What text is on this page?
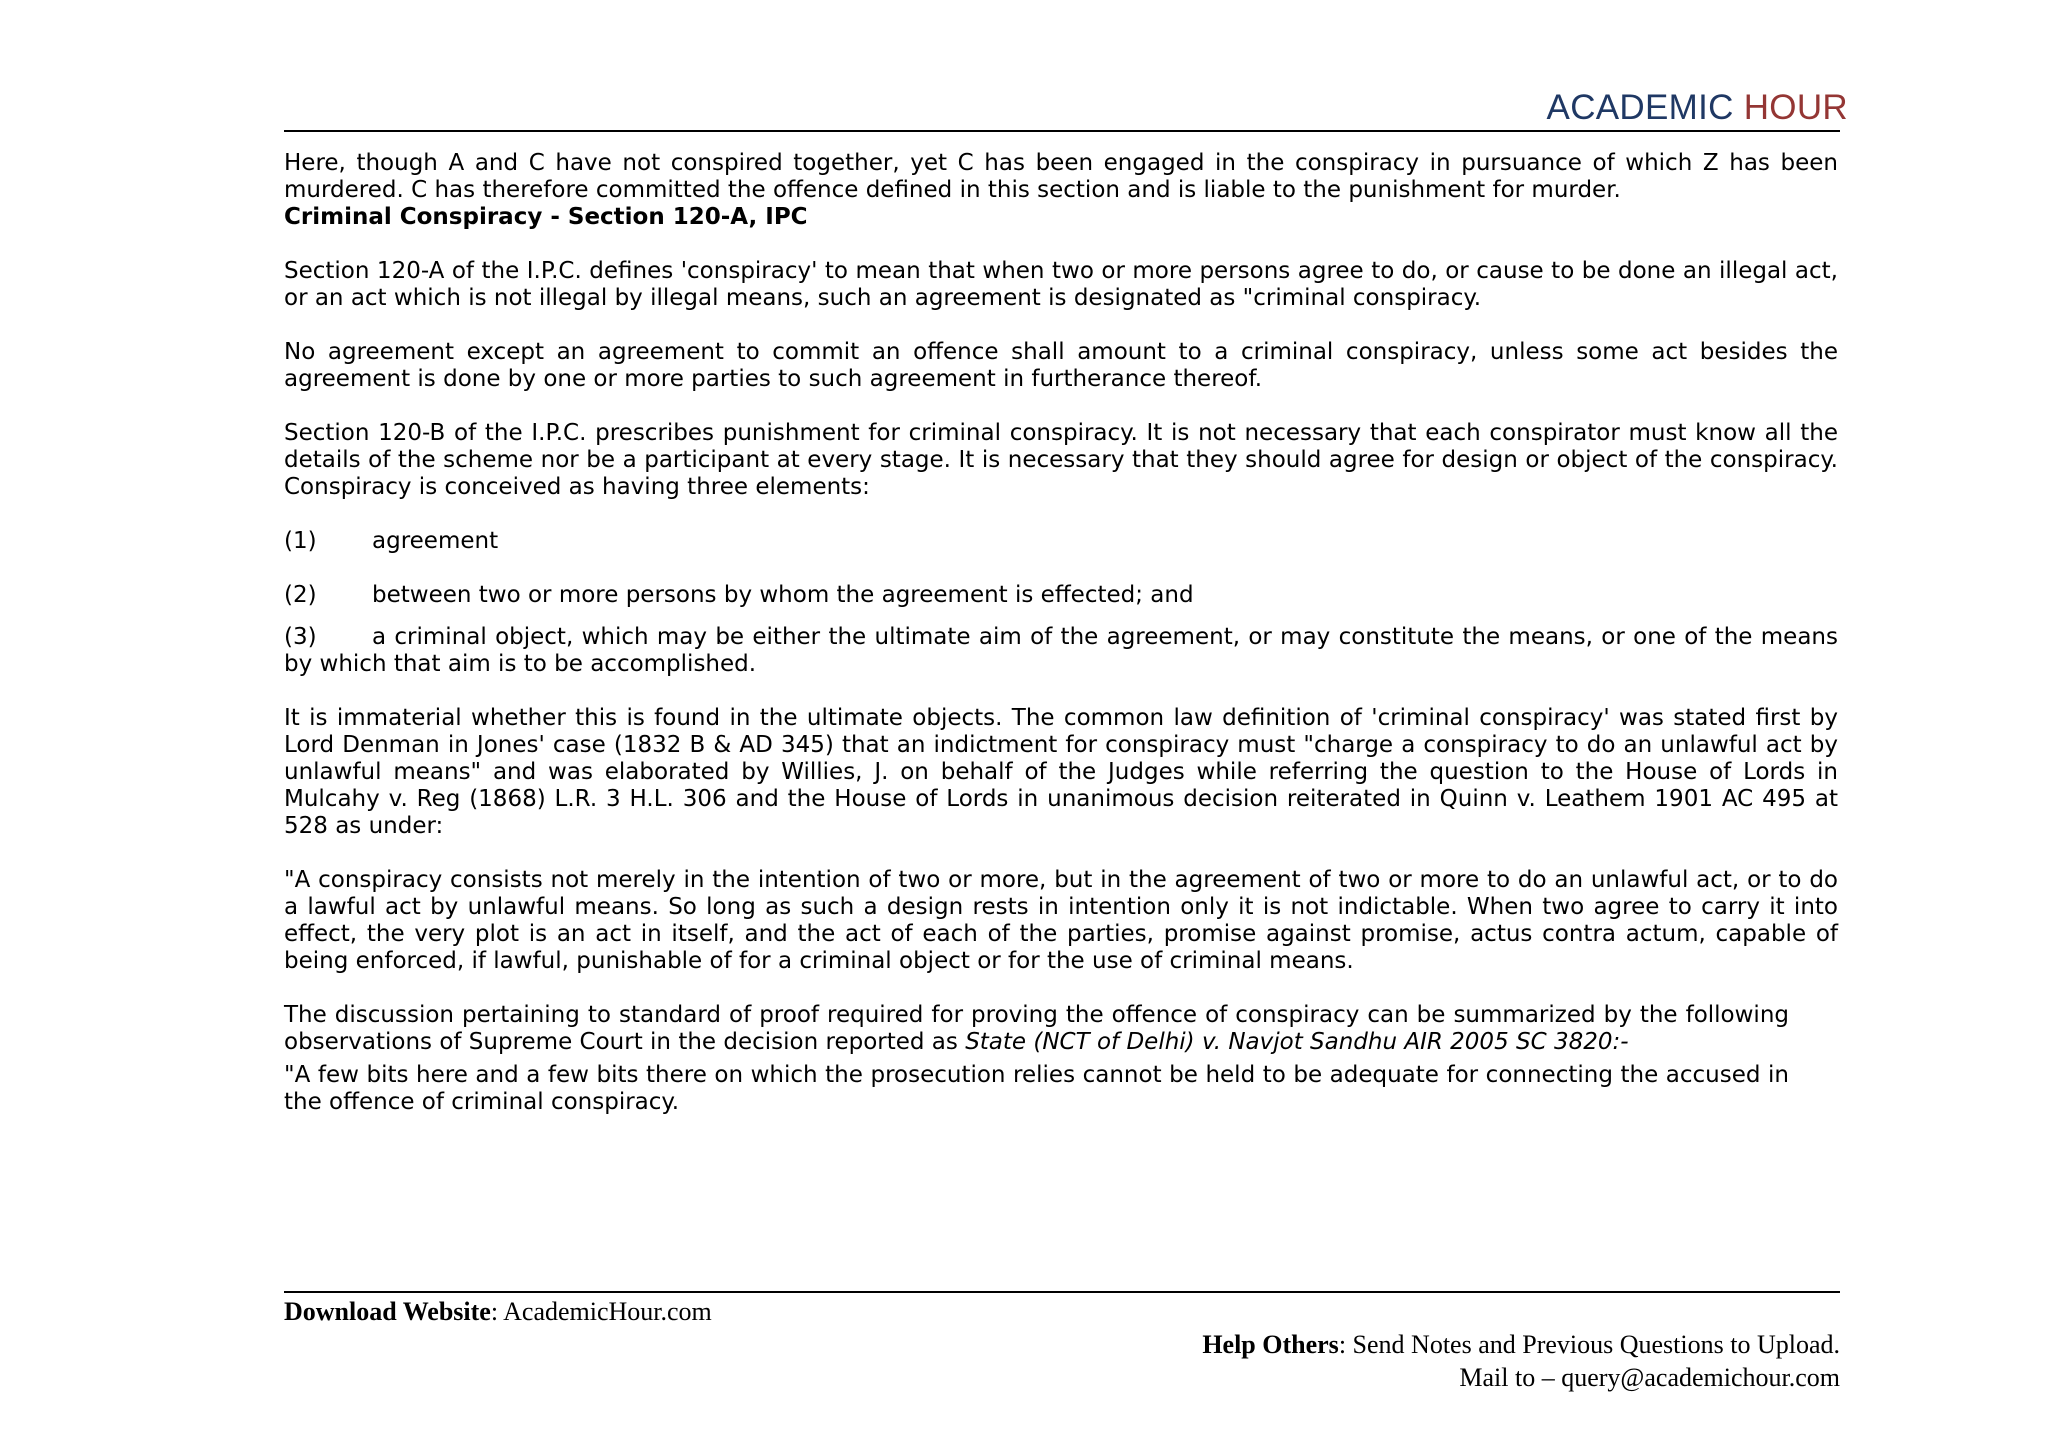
ACADEMIC HOUR

Here, though A and C have not conspired together, yet C has been engaged in the conspiracy in pursuance of which Z has been murdered. C has therefore committed the offence defined in this section and is liable to the punishment for murder.

Criminal Conspiracy - Section 120-A, IPC

Section 120-A of the I.P.C. defines 'conspiracy' to mean that when two or more persons agree to do, or cause to be done an illegal act, or an act which is not illegal by illegal means, such an agreement is designated as "criminal conspiracy.

No agreement except an agreement to commit an offence shall amount to a criminal conspiracy, unless some act besides the agreement is done by one or more parties to such agreement in furtherance thereof.

Section 120-B of the I.P.C. prescribes punishment for criminal conspiracy. It is not necessary that each conspirator must know all the details of the scheme nor be a participant at every stage. It is necessary that they should agree for design or object of the conspiracy. Conspiracy is conceived as having three elements:

(1)	agreement
(2)	between two or more persons by whom the agreement is effected; and

(3) a criminal object, which may be either the ultimate aim of the agreement, or may constitute the means, or one of the means by which that aim is to be accomplished.

It is immaterial whether this is found in the ultimate objects. The common law definition of 'criminal conspiracy' was stated first by Lord Denman in Jones' case (1832 B & AD 345) that an indictment for conspiracy must "charge a conspiracy to do an unlawful act by unlawful means" and was elaborated by Willies, J. on behalf of the Judges while referring the question to the House of Lords in Mulcahy v. Reg (1868) L.R. 3 H.L. 306 and the House of Lords in unanimous decision reiterated in Quinn v. Leathem 1901 AC 495 at 528 as under:

"A conspiracy consists not merely in the intention of two or more, but in the agreement of two or more to do an unlawful act, or to do a lawful act by unlawful means. So long as such a design rests in intention only it is not indictable. When two agree to carry it into effect, the very plot is an act in itself, and the act of each of the parties, promise against promise, actus contra actum, capable of being enforced, if lawful, punishable of for a criminal object or for the use of criminal means.

The discussion pertaining to standard of proof required for proving the offence of conspiracy can be summarized by the following observations of Supreme Court in the decision reported as State (NCT of Delhi) v. Navjot Sandhu AIR 2005 SC 3820:-

"A few bits here and a few bits there on which the prosecution relies cannot be held to be adequate for connecting the accused in the offence of criminal conspiracy.

Download Website: AcademicHour.com
Help Others: Send Notes and Previous Questions to Upload.
Mail to – query@academichour.com
